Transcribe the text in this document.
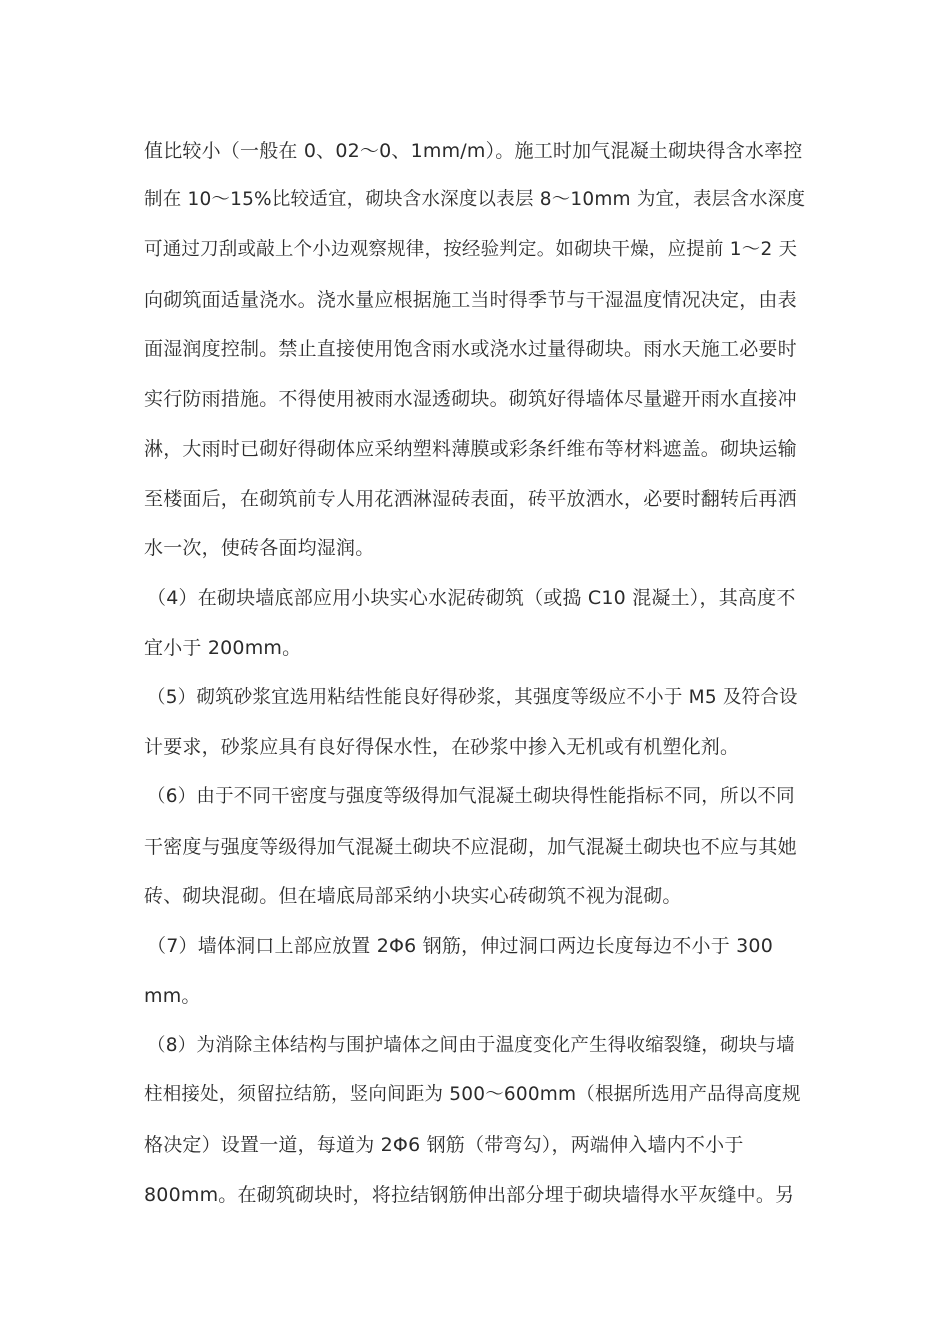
值比较小（一般在 0、02～0、1mm/m）。施工时加气混凝土砌块得含水率控
制在 10～15%比较适宜，砌块含水深度以表层 8～10mm 为宜，表层含水深度
可通过刀刮或敲上个小边观察规律，按经验判定。如砌块干燥，应提前 1～2 天
向砌筑面适量浇水。浇水量应根据施工当时得季节与干湿温度情况决定，由表
面湿润度控制。禁止直接使用饱含雨水或浇水过量得砌块。雨水天施工必要时
实行防雨措施。不得使用被雨水湿透砌块。砌筑好得墙体尽量避开雨水直接冲
淋，大雨时已砌好得砌体应采纳塑料薄膜或彩条纤维布等材料遮盖。砌块运输
至楼面后，在砌筑前专人用花洒淋湿砖表面，砖平放洒水，必要时翻转后再洒
水一次，使砖各面均湿润。
（4）在砌块墙底部应用小块实心水泥砖砌筑（或捣 C10 混凝土），其高度不
宜小于 200mm。
（5）砌筑砂浆宜选用粘结性能良好得砂浆，其强度等级应不小于 M5 及符合设
计要求，砂浆应具有良好得保水性，在砂浆中掺入无机或有机塑化剂。
（6）由于不同干密度与强度等级得加气混凝土砌块得性能指标不同，所以不同
干密度与强度等级得加气混凝土砌块不应混砌，加气混凝土砌块也不应与其她
砖、砌块混砌。但在墙底局部采纳小块实心砖砌筑不视为混砌。
（7）墙体洞口上部应放置 2Φ6 钢筋，伸过洞口两边长度每边不小于 300
mm。
（8）为消除主体结构与围护墙体之间由于温度变化产生得收缩裂缝，砌块与墙
柱相接处，须留拉结筋，竖向间距为 500～600mm（根据所选用产品得高度规
格决定）设置一道，每道为 2Φ6 钢筋（带弯勾），两端伸入墙内不小于
800mm。在砌筑砌块时，将拉结钢筋伸出部分埋于砌块墙得水平灰缝中。另
